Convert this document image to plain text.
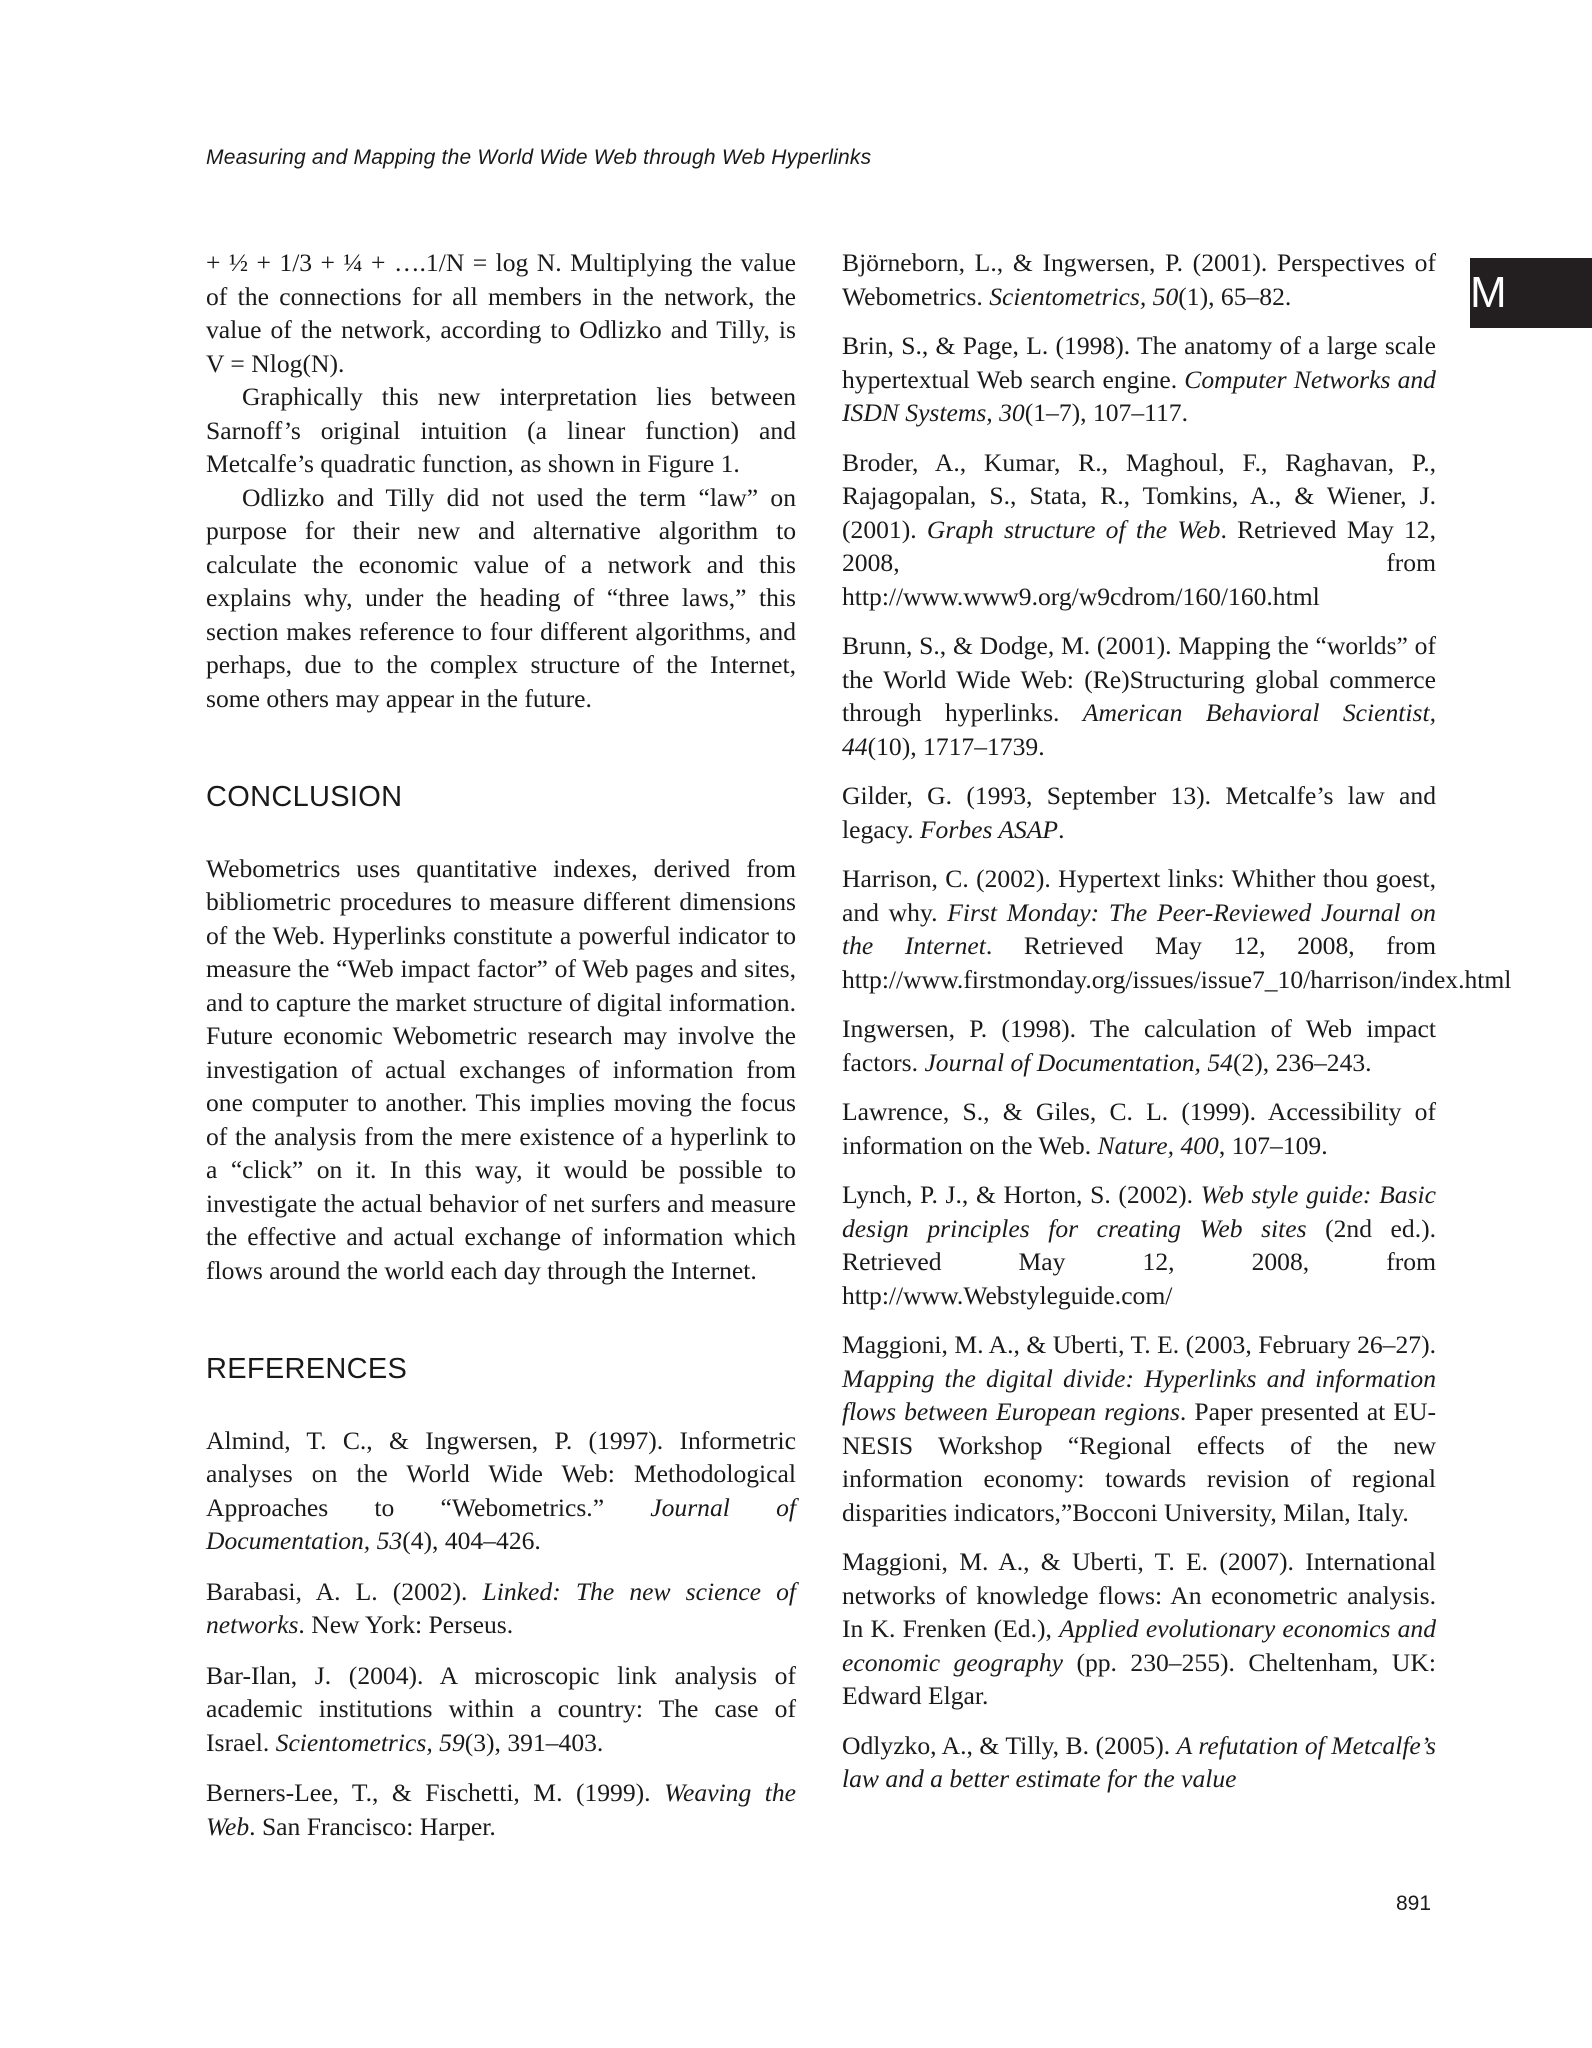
Measuring and Mapping the World Wide Web through Web Hyperlinks
M

+ ½ + 1/3 + ¼ + ….1/N = log N. Multiplying the value of the connections for all members in the network, the value of the network, according to Odlizko and Tilly, is V = Nlog(N).

Graphically this new interpretation lies between Sarnoff’s original intuition (a linear function) and Metcalfe’s quadratic function, as shown in Figure 1.

Odlizko and Tilly did not used the term “law” on purpose for their new and alternative algorithm to calculate the economic value of a network and this explains why, under the heading of “three laws,” this section makes reference to four different algorithms, and perhaps, due to the complex structure of the Internet, some others may appear in the future.

CONCLUSION

Webometrics uses quantitative indexes, derived from bibliometric procedures to measure different dimensions of the Web. Hyperlinks constitute a powerful indicator to measure the “Web impact factor” of Web pages and sites, and to capture the market structure of digital information. Future economic Webometric research may involve the investigation of actual exchanges of information from one computer to another. This implies moving the focus of the analysis from the mere existence of a hyperlink to a “click” on it. In this way, it would be possible to investigate the actual behavior of net surfers and measure the effective and actual exchange of information which flows around the world each day through the Internet.

REFERENCES

Almind, T. C., & Ingwersen, P. (1997). Informetric analyses on the World Wide Web: Methodological Approaches to “Webometrics.” Journal of Documentation, 53(4), 404–426.

Barabasi, A. L. (2002). Linked: The new science of networks. New York: Perseus.

Bar-Ilan, J. (2004). A microscopic link analysis of academic institutions within a country: The case of Israel. Scientometrics, 59(3), 391–403.

Berners-Lee, T., & Fischetti, M. (1999). Weaving the Web. San Francisco: Harper.

Björneborn, L., & Ingwersen, P. (2001). Perspectives of Webometrics. Scientometrics, 50(1), 65–82.

Brin, S., & Page, L. (1998). The anatomy of a large scale hypertextual Web search engine. Computer Networks and ISDN Systems, 30(1–7), 107–117.

Broder, A., Kumar, R., Maghoul, F., Raghavan, P., Rajagopalan, S., Stata, R., Tomkins, A., & Wiener, J. (2001). Graph structure of the Web. Retrieved May 12, 2008, from http://www.www9.org/w9cdrom/160/160.html

Brunn, S., & Dodge, M. (2001). Mapping the “worlds” of the World Wide Web: (Re)Structuring global commerce through hyperlinks. American Behavioral Scientist, 44(10), 1717–1739.

Gilder, G. (1993, September 13). Metcalfe’s law and legacy. Forbes ASAP.

Harrison, C. (2002). Hypertext links: Whither thou goest, and why. First Monday: The Peer-Reviewed Journal on the Internet. Retrieved May 12, 2008, from http://www.firstmonday.org/issues/issue7_10/harrison/index.html

Ingwersen, P. (1998). The calculation of Web impact factors. Journal of Documentation, 54(2), 236–243.

Lawrence, S., & Giles, C. L. (1999). Accessibility of information on the Web. Nature, 400, 107–109.

Lynch, P. J., & Horton, S. (2002). Web style guide: Basic design principles for creating Web sites (2nd ed.). Retrieved May 12, 2008, from http://www.Webstyleguide.com/

Maggioni, M. A., & Uberti, T. E. (2003, February 26–27). Mapping the digital divide: Hyperlinks and information flows between European regions. Paper presented at EU-NESIS Workshop “Regional effects of the new information economy: towards revision of regional disparities indicators,”Bocconi University, Milan, Italy.

Maggioni, M. A., & Uberti, T. E. (2007). International networks of knowledge flows: An econometric analysis. In K. Frenken (Ed.), Applied evolutionary economics and economic geography (pp. 230–255). Cheltenham, UK: Edward Elgar.

Odlyzko, A., & Tilly, B. (2005). A refutation of Metcalfe’s law and a better estimate for the value

891
